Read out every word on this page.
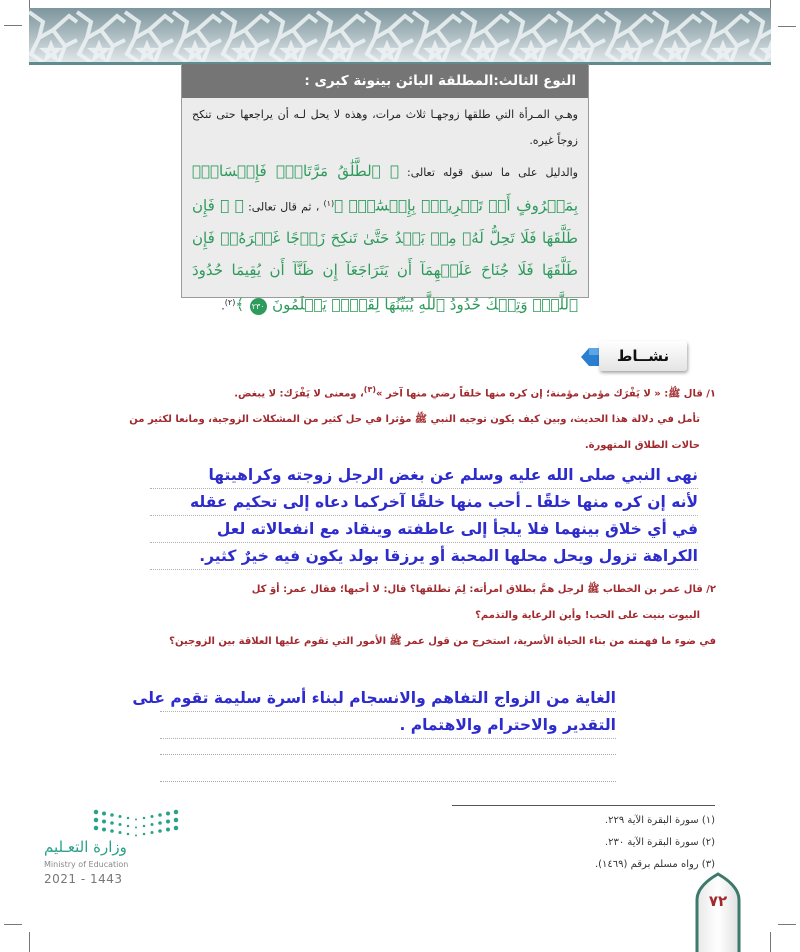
النوع الثالث:المطلقة البائن بينونة كبرى :
وهـي المـرأة التي طلقها زوجهـا ثلاث مرات، وهذه لا يحل لـه أن يراجعها حتى تنكح زوجاً غيره.
والدليل على ما سبق قوله تعالى: ﴿ ٱلطَّلَٰقُ مَرَّتَانِۖ فَإِمۡسَاكُۢ بِمَعۡرُوفٍ أَوۡ تَسۡرِيحُۢ بِإِحۡسَٰنٖۗ ﴾$^{(١)}$ ، ثم قال تعالى: ﴿ ﴿ فَإِن طَلَّقَهَا فَلَا تَحِلُّ لَهُۥ مِنۢ بَعۡدُ حَتَّىٰ تَنكِحَ زَوۡجًا غَيۡرَهُۥۗ فَإِن طَلَّقَهَا فَلَا جُنَاحَ عَلَيۡهِمَآ أَن يَتَرَاجَعَآ إِن ظَنَّآ أَن يُقِيمَا حُدُودَ ٱللَّهِۗ وَتِلۡكَ حُدُودُ ٱللَّهِ يُبَيِّنُهَا لِقَوۡمٖ يَعۡلَمُونَ ٢٣٠ ﴾$^{(٢)}$.
نشــاط
١/ قال ﷺ: « لا يَفْرَك مؤمن مؤمنة؛ إن كره منها خلقاً رضي منها آخر »$^{(٣)}$، ومعنى لا يَفْرَك: لا يبغض.
تأمل في دلالة هذا الحديث، وبين كيف يكون توجيه النبي ﷺ مؤثرا في حل كثير من المشكلات الزوجية، ومانعا لكثير من حالات الطلاق المتهورة.
نهى النبي صلى الله عليه وسلم عن بغض الرجل زوجته وكراهيتها
لأنه إن كره منها خلقًا ـ أحب منها خلقًا آخركما دعاه إلى تحكيم عقله
في أي خلاق بينهما فلا يلجأ إلى عاطفته وينقاد مع انفعالاته لعل
الكراهة تزول ويحل محلها المحبة أو يرزقا بولد يكون فيه خيرٌ كثير.
٢/ قال عمر بن الخطاب ﷺ لرجل همَّ بطلاق امرأته: لِمَ تطلقها؟ قال: لا أحبها؛ فقال عمر: أوَ كل
البيوت بنيت على الحب! وأين الرعاية والتذمم؟
في ضوء ما فهمته من بناء الحياة الأسرية، استخرج من قول عمر ﷺ الأمور التي تقوم عليها العلاقة بين الزوجين؟
الغاية من الزواج التفاهم والانسجام لبناء أسرة سليمة تقوم على
التقدير والاحترام والاهتمام .
(١) سورة البقرة الآية ٢٢٩.
(٢) سورة البقرة الآية ٢٣٠.
(٣) رواه مسلم برقم (١٤٦٩).
وزارة التعـليم
Ministry of Education
2021 - 1443
٧٢
